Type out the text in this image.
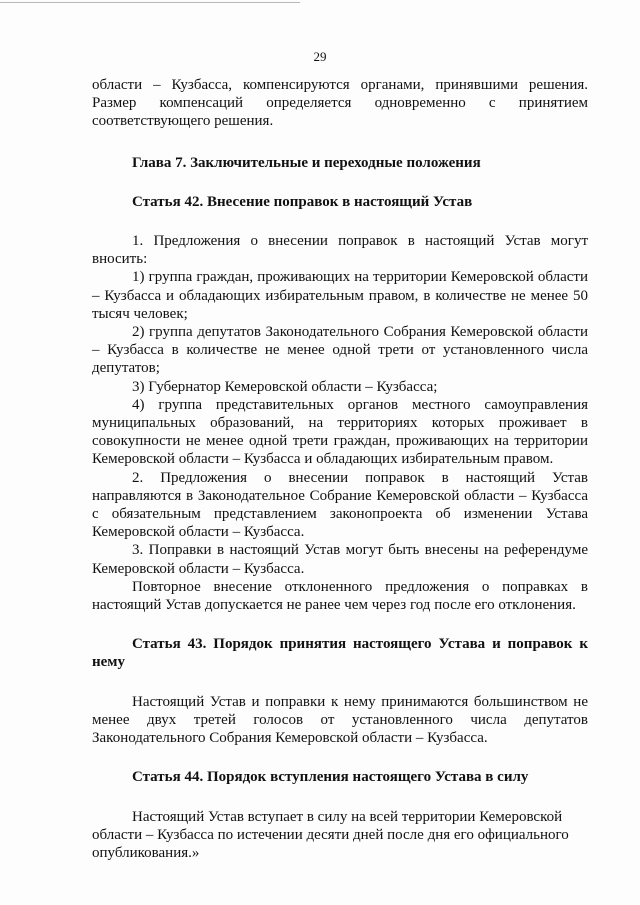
29

области – Кузбасса, компенсируются органами, принявшими решения. Размер компенсаций определяется одновременно с принятием соответствующего решения.

Глава 7. Заключительные и переходные положения

Статья 42. Внесение поправок в настоящий Устав

1. Предложения о внесении поправок в настоящий Устав могут вносить:

1) группа граждан, проживающих на территории Кемеровской области – Кузбасса и обладающих избирательным правом, в количестве не менее 50 тысяч человек;

2) группа депутатов Законодательного Собрания Кемеровской области – Кузбасса в количестве не менее одной трети от установленного числа депутатов;

3) Губернатор Кемеровской области – Кузбасса;

4) группа представительных органов местного самоуправления муниципальных образований, на территориях которых проживает в совокупности не менее одной трети граждан, проживающих на территории Кемеровской области – Кузбасса и обладающих избирательным правом.

2. Предложения о внесении поправок в настоящий Устав направляются в Законодательное Собрание Кемеровской области – Кузбасса с обязательным представлением законопроекта об изменении Устава Кемеровской области – Кузбасса.

3. Поправки в настоящий Устав могут быть внесены на референдуме Кемеровской области – Кузбасса.

Повторное внесение отклоненного предложения о поправках в настоящий Устав допускается не ранее чем через год после его отклонения.

Статья 43. Порядок принятия настоящего Устава и поправок к нему

Настоящий Устав и поправки к нему принимаются большинством не менее двух третей голосов от установленного числа депутатов Законодательного Собрания Кемеровской области – Кузбасса.

Статья 44. Порядок вступления настоящего Устава в силу

Настоящий Устав вступает в силу на всей территории Кемеровской области – Кузбасса по истечении десяти дней после дня его официального опубликования.»
